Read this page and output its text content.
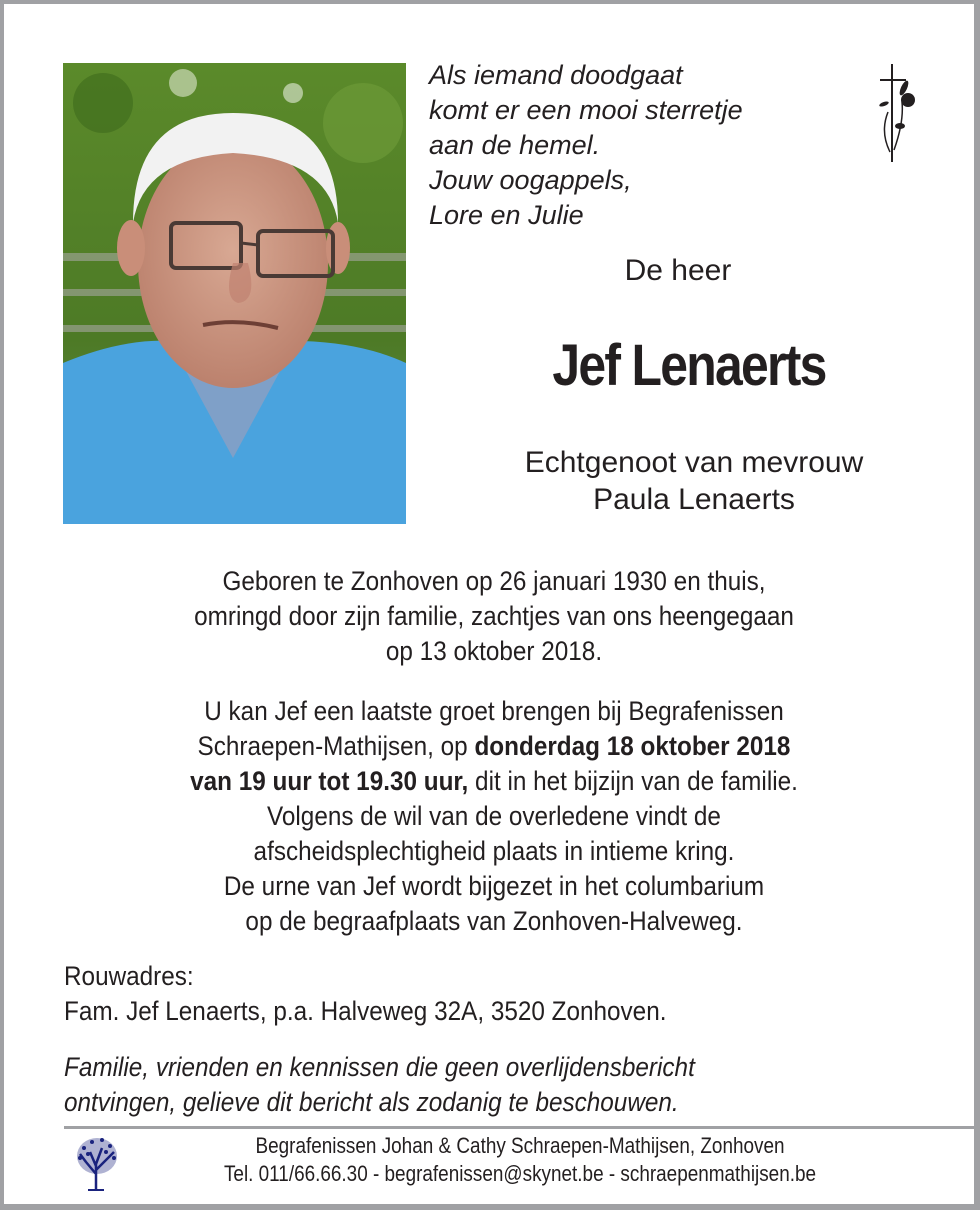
Als iemand doodgaat
komt er een mooi sterretje
aan de hemel.
Jouw oogappels,
Lore en Julie
De heer
Jef Lenaerts
Echtgenoot van mevrouw
Paula Lenaerts
Geboren te Zonhoven op 26 januari 1930 en thuis,
omringd door zijn familie, zachtjes van ons heengegaan
op 13 oktober 2018.
U kan Jef een laatste groet brengen bij Begrafenissen
Schraepen-Mathijsen, op donderdag 18 oktober 2018
van 19 uur tot 19.30 uur, dit in het bijzijn van de familie.
Volgens de wil van de overledene vindt de
afscheidsplechtigheid plaats in intieme kring.
De urne van Jef wordt bijgezet in het columbarium
op de begraafplaats van Zonhoven-Halveweg.
Rouwadres:
Fam. Jef Lenaerts, p.a. Halveweg 32A, 3520 Zonhoven.
Familie, vrienden en kennissen die geen overlijdensbericht
ontvingen, gelieve dit bericht als zodanig te beschouwen.
Begrafenissen Johan & Cathy Schraepen-Mathijsen, Zonhoven
Tel. 011/66.66.30 - begrafenissen@skynet.be - schraepenmathijsen.be
